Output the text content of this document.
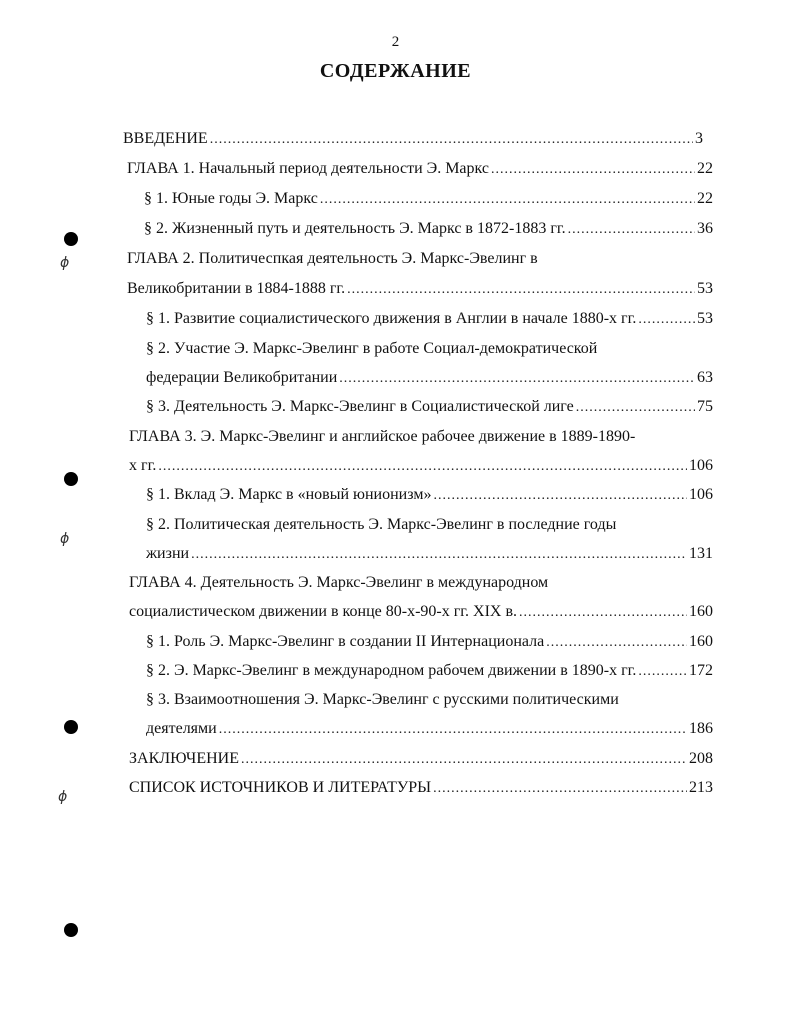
2
СОДЕРЖАНИЕ
ВВЕДЕНИЕ .....	3
ГЛАВА 1. Начальный период деятельности Э. Маркс .....	22
§ 1. Юные годы Э. Маркс .....	22
§ 2. Жизненный путь и деятельность Э. Маркс в 1872-1883 гг. .....	36
ГЛАВА 2. Политичеспкая деятельность Э. Маркс-Эвелинг в
Великобритании в 1884-1888 гг. .....	53
§ 1. Развитие социалистического движения в Англии в начале 1880-х гг. .....	53
§ 2. Участие Э. Маркс-Эвелинг в работе Социал-демократической
федерации Великобритании .....	63
§ 3. Деятельность Э. Маркс-Эвелинг в Социалистической лиге .....	75
ГЛАВА 3. Э. Маркс-Эвелинг и английское рабочее движение в 1889-1890-
х гг. .....	106
§ 1. Вклад Э. Маркс в «новый юнионизм» .....	106
§ 2. Политическая деятельность Э. Маркс-Эвелинг в последние годы
жизни .....	131
ГЛАВА 4. Деятельность Э. Маркс-Эвелинг в международном
социалистическом движении в конце 80-х-90-х гг. XIX в. .....	160
§ 1. Роль Э. Маркс-Эвелинг в создании II Интернационала .....	160
§ 2. Э. Маркс-Эвелинг в международном рабочем движении в 1890-х гг. .....	172
§ 3. Взаимоотношения Э. Маркс-Эвелинг с русскими политическими
деятелями .....	186
ЗАКЛЮЧЕНИЕ .....	208
СПИСОК ИСТОЧНИКОВ И ЛИТЕРАТУРЫ .....	213
ϕ
ϕ
ϕ
